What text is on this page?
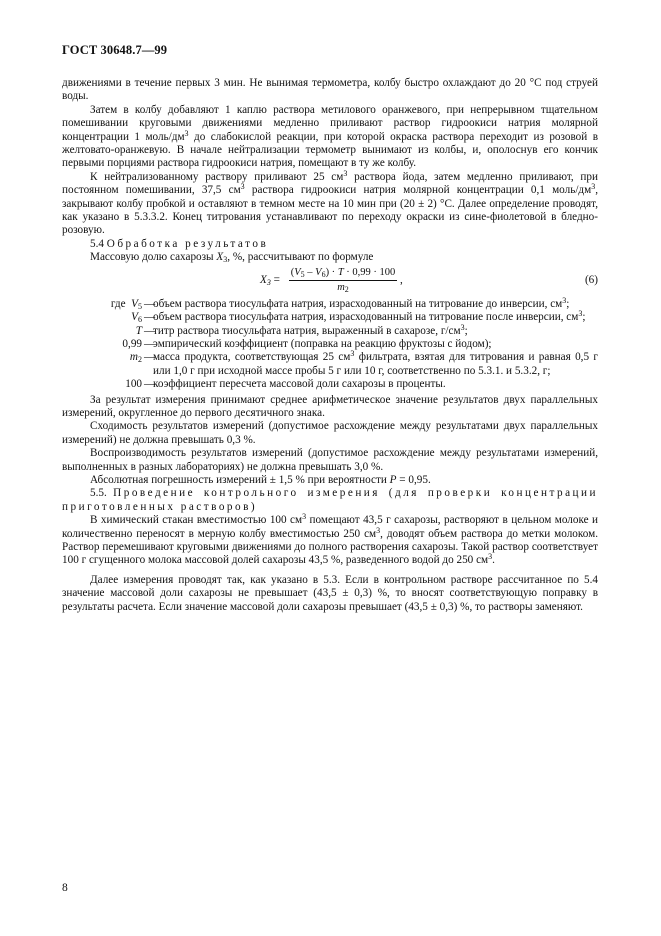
ГОСТ 30648.7—99

движениями в течение первых 3 мин. Не вынимая термометра, колбу быстро охлаждают до 20 °С под струей воды.

Затем в колбу добавляют 1 каплю раствора метилового оранжевого, при непрерывном тщательном помешивании круговыми движениями медленно приливают раствор гидроокиси натрия молярной концентрации 1 моль/$дм^3$ до слабокислой реакции, при которой окраска раствора переходит из розовой в желтовато-оранжевую. В начале нейтрализации термометр вынимают из колбы, и, ополоснув его кончик первыми порциями раствора гидроокиси натрия, помещают в ту же колбу.

К нейтрализованному раствору приливают 25 $см^3$ раствора йода, затем медленно приливают, при постоянном помешивании, 37,5 $см^3$ раствора гидроокиси натрия молярной концентрации 0,1 моль/$дм^3$, закрывают колбу пробкой и оставляют в темном месте на 10 мин при (20 ± 2) °С. Далее определение проводят, как указано в 5.3.3.2. Конец титрования устанавливают по переходу окраски из сине-фиолетовой в бледно-розовую.

5.4 Обработка результатов

Массовую долю сахарозы $X_3$, %, рассчитывают по формуле

$X_3 = \frac{(V_5 - V_6) \cdot T \cdot 0,99 \cdot 100}{m_2}$ ,	(6)
где $V_5$ —
объем раствора тиосульфата натрия, израсходованный на титрование до инверсии, $см^3$;
$V_6$ —
объем раствора тиосульфата натрия, израсходованный на титрование после инверсии, $см^3$;
T —
титр раствора тиосульфата натрия, выраженный в сахарозе, $г/см^3$;
0,99 —
эмпирический коэффициент (поправка на реакцию фруктозы с йодом);
$m_2$ —
масса продукта, соответствующая 25 $см^3$ фильтрата, взятая для титрования и равная 0,5 г или 1,0 г при исходной массе пробы 5 г или 10 г, соответственно по 5.3.1. и 5.3.2, г;
100 —
коэффициент пересчета массовой доли сахарозы в проценты.

За результат измерения принимают среднее арифметическое значение результатов двух параллельных измерений, округленное до первого десятичного знака.

Сходимость результатов измерений (допустимое расхождение между результатами двух параллельных измерений) не должна превышать 0,3 %.

Воспроизводимость результатов измерений (допустимое расхождение между результатами измерений, выполненных в разных лабораториях) не должна превышать 3,0 %.

Абсолютная погрешность измерений ± 1,5 % при вероятности Р = 0,95.

5.5. Проведение контрольного измерения (для проверки концентрации приготовленных растворов)

В химический стакан вместимостью 100 $см^3$ помещают 43,5 г сахарозы, растворяют в цельном молоке и количественно переносят в мерную колбу вместимостью 250 $см^3$, доводят объем раствора до метки молоком. Раствор перемешивают круговыми движениями до полного растворения сахарозы. Такой раствор соответствует 100 г сгущенного молока массовой долей сахарозы 43,5 %, разведенного водой до 250 $см^3$.

Далее измерения проводят так, как указано в 5.3. Если в контрольном растворе рассчитанное по 5.4 значение массовой доли сахарозы не превышает (43,5 ± 0,3) %, то вносят соответствующую поправку в результаты расчета. Если значение массовой доли сахарозы превышает (43,5 ± 0,3) %, то растворы заменяют.

8
